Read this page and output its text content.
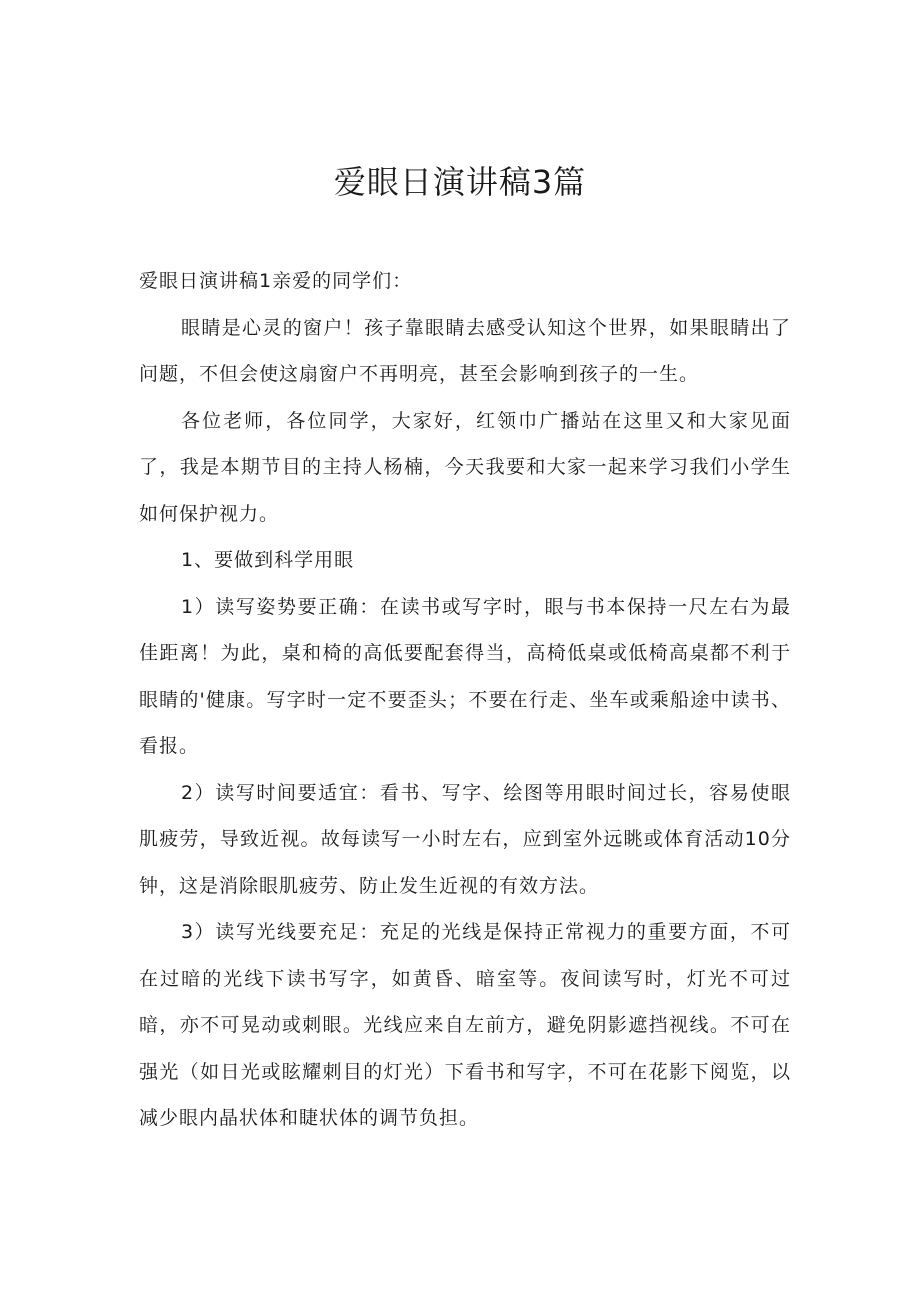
爱眼日演讲稿3篇

爱眼日演讲稿1亲爱的同学们：

眼睛是心灵的窗户！孩子靠眼睛去感受认知这个世界，如果眼睛出了问题，不但会使这扇窗户不再明亮，甚至会影响到孩子的一生。

各位老师，各位同学，大家好，红领巾广播站在这里又和大家见面了，我是本期节目的主持人杨楠，今天我要和大家一起来学习我们小学生如何保护视力。

1、要做到科学用眼

1）读写姿势要正确：在读书或写字时，眼与书本保持一尺左右为最佳距离！为此，桌和椅的高低要配套得当，高椅低桌或低椅高桌都不利于眼睛的'健康。写字时一定不要歪头；不要在行走、坐车或乘船途中读书、看报。

2）读写时间要适宜：看书、写字、绘图等用眼时间过长，容易使眼肌疲劳，导致近视。故每读写一小时左右，应到室外远眺或体育活动10分钟，这是消除眼肌疲劳、防止发生近视的有效方法。

3）读写光线要充足：充足的光线是保持正常视力的重要方面，不可在过暗的光线下读书写字，如黄昏、暗室等。夜间读写时，灯光不可过暗，亦不可晃动或刺眼。光线应来自左前方，避免阴影遮挡视线。不可在强光（如日光或眩耀刺目的灯光）下看书和写字，不可在花影下阅览，以减少眼内晶状体和睫状体的调节负担。
